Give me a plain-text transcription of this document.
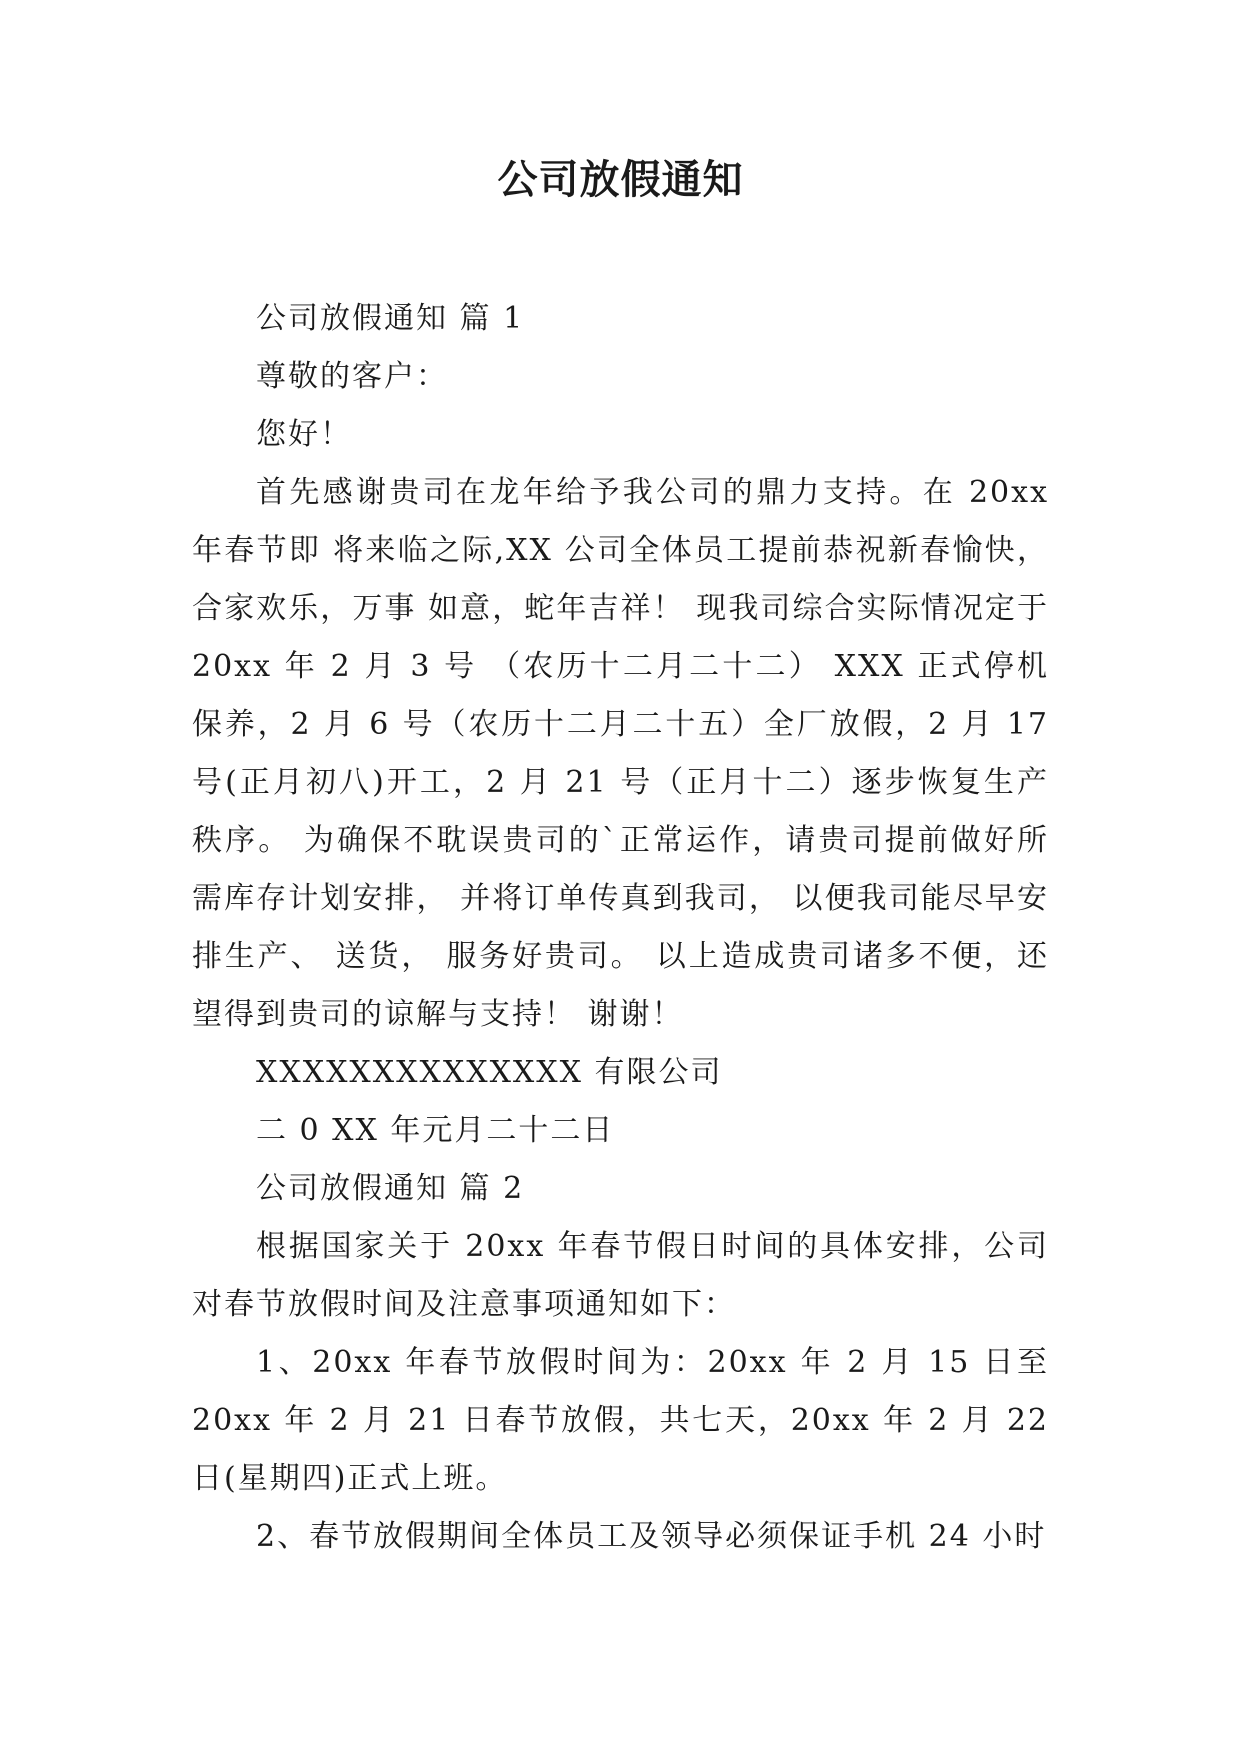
公司放假通知

公司放假通知 篇 1

尊敬的客户：

您好！

首先感谢贵司在龙年给予我公司的鼎力支持。在 20xx 年春节即 将来临之际,XX 公司全体员工提前恭祝新春愉快，合家欢乐，万事 如意，蛇年吉祥！ 现我司综合实际情况定于 20xx 年 2 月 3 号 （农历十二月二十二） XXX 正式停机保养，2 月 6 号（农历十二月二十五）全厂放假，2 月 17 号(正月初八)开工，2 月 21 号（正月十二）逐步恢复生产秩序。 为确保不耽误贵司的`正常运作，请贵司提前做好所需库存计划安排， 并将订单传真到我司， 以便我司能尽早安排生产、 送货， 服务好贵司。 以上造成贵司诸多不便，还望得到贵司的谅解与支持！ 谢谢！

XXXXXXXXXXXXXX 有限公司

二 0 XX 年元月二十二日

公司放假通知 篇 2

根据国家关于 20xx 年春节假日时间的具体安排，公司对春节放假时间及注意事项通知如下：

1、20xx 年春节放假时间为：20xx 年 2 月 15 日至 20xx 年 2 月 21 日春节放假，共七天，20xx 年 2 月 22 日(星期四)正式上班。

2、春节放假期间全体员工及领导必须保证手机 24 小时
